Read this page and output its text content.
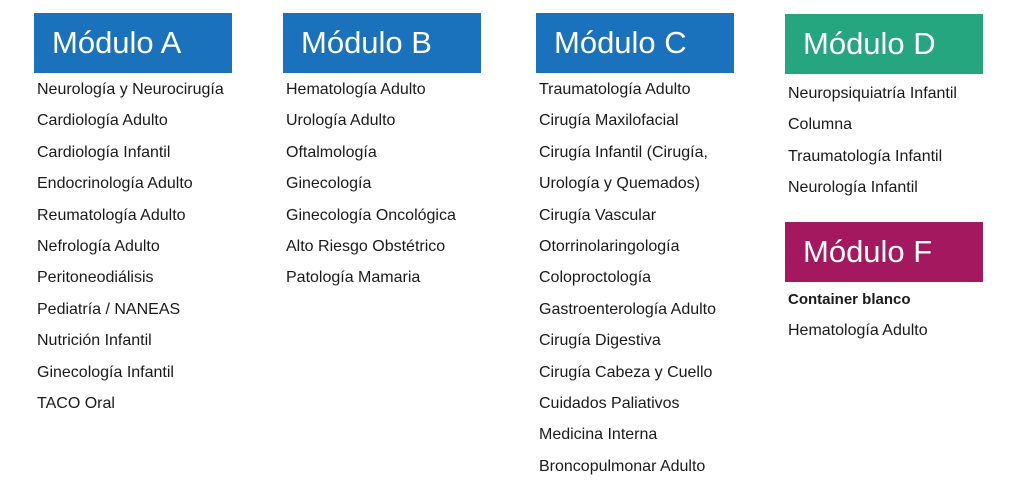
Módulo A
Neurología y Neurocirugía
Cardiología Adulto
Cardiología Infantil
Endocrinología Adulto
Reumatología Adulto
Nefrología Adulto
Peritoneodiálisis
Pediatría / NANEAS
Nutrición Infantil
Ginecología Infantil
TACO Oral
Módulo B
Hematología Adulto
Urología Adulto
Oftalmología
Ginecología
Ginecología Oncológica
Alto Riesgo Obstétrico
Patología Mamaria
Módulo C
Traumatología Adulto
Cirugía Maxilofacial
Cirugía Infantil (Cirugía,
Urología y Quemados)
Cirugía Vascular
Otorrinolaringología
Coloproctología
Gastroenterología Adulto
Cirugía Digestiva
Cirugía Cabeza y Cuello
Cuidados Paliativos
Medicina Interna
Broncopulmonar Adulto
Módulo D
Neuropsiquiatría Infantil
Columna
Traumatología Infantil
Neurología Infantil
Módulo F
Container blanco
Hematología Adulto
